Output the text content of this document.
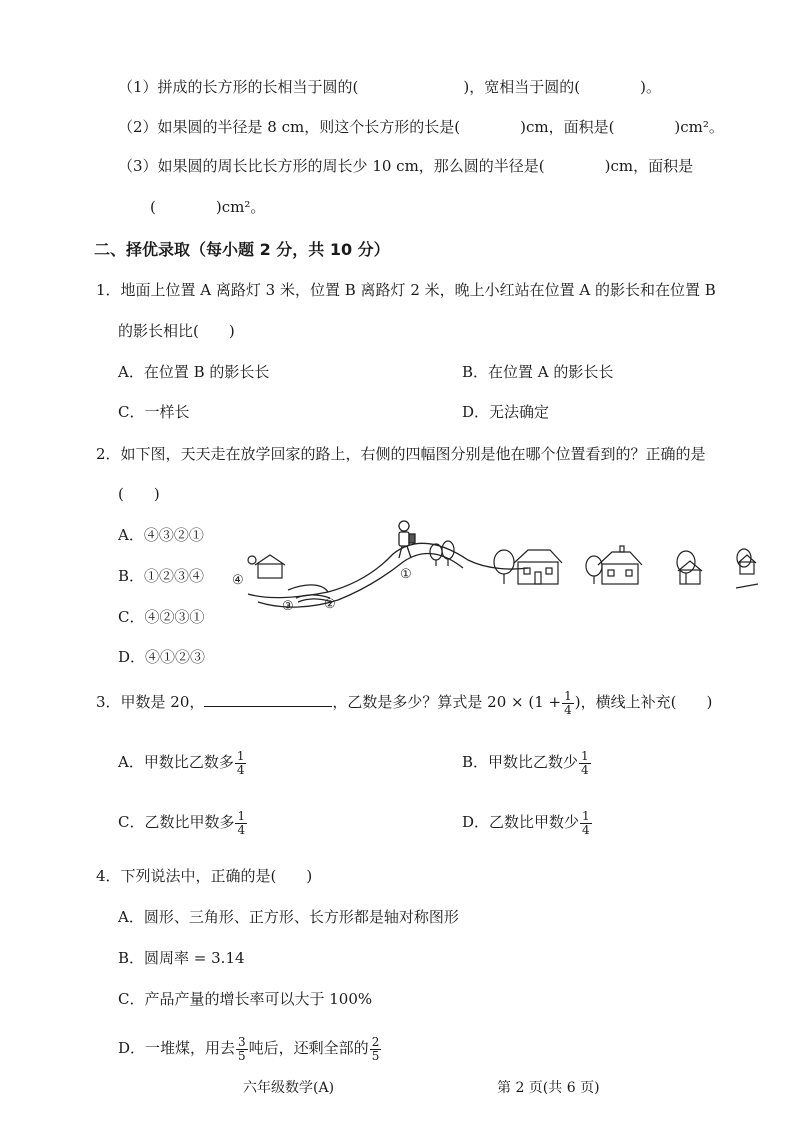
（1）拼成的长方形的长相当于圆的(　　　　　　　)，宽相当于圆的(　　　　)。
（2）如果圆的半径是 8 cm，则这个长方形的长是(　　　　)cm，面积是(　　　　)cm²。
（3）如果圆的周长比长方形的周长少 10 cm，那么圆的半径是(　　　　)cm，面积是
(　　　　)cm²。
二、择优录取（每小题 2 分，共 10 分）
1．地面上位置 A 离路灯 3 米，位置 B 离路灯 2 米，晚上小红站在位置 A 的影长和在位置 B
的影长相比(　　)
A．在位置 B 的影长长	B．在位置 A 的影长长
C．一样长	D．无法确定
2．如下图，天天走在放学回家的路上，右侧的四幅图分别是他在哪个位置看到的？正确的是
(　　)
A．④③②①
B．①②③④
C．④②③①
D．④①②③
④
③ ②
①
3．甲数是 20，	，乙数是多少？算式是 $20 \times (1 + \frac{1}{4}$ )，横线上补充(　　)
A．甲数比乙数多 $\frac{1}{4}$	B．甲数比乙数少 $\frac{1}{4}$
C．乙数比甲数多 $\frac{1}{4}$	D．乙数比甲数少 $\frac{1}{4}$
4．下列说法中，正确的是(　　)
A．圆形、三角形、正方形、长方形都是轴对称图形
B．圆周率 = 3.14
C．产品产量的增长率可以大于 100%
D．一堆煤，用去 $\frac{3}{5}$ 吨后，还剩全部的 $\frac{2}{5}$
六年级数学(A)	第 2 页(共 6 页)
